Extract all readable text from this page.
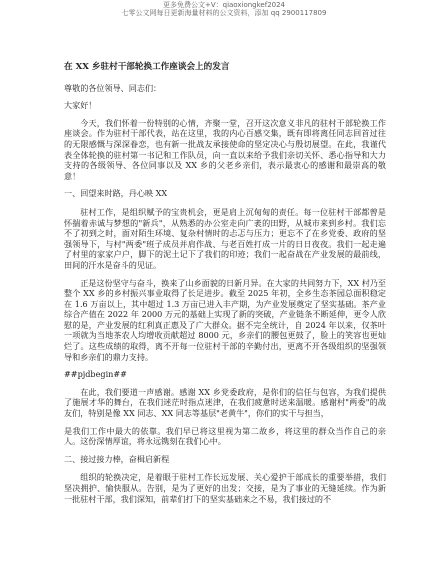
更多免费公文+V：qiaoxiongkef2024
七零公文网每日更新海量材料的公文资料，添加 qq 2900117809
在 XX 乡驻村干部轮换工作座谈会上的发言

尊敬的各位领导、同志们：

大家好！

今天，我们怀着一份特别的心情，齐聚一堂，召开这次意义非凡的驻村干部轮换工作座谈会。作为驻村干部代表，站在这里，我的内心百感交集，既有即将离任同志回首过往的无限感慨与深深眷恋，也有新一批战友承接使命的坚定决心与殷切展望。在此，我谨代表全体轮换的驻村第一书记和工作队员，向一直以来给予我们亲切关怀、悉心指导和大力支持的各级领导、各位同事以及 XX 乡的父老乡亲们，表示最衷心的感谢和最崇高的敬意！

一、回望来时路，丹心映 XX

驻村工作，是组织赋予的宝贵机会，更是肩上沉甸甸的责任。每一位驻村干部都曾是怀揣着赤诚与梦想的"新兵"，从熟悉的办公室走向广袤的田野，从城市来到乡村。我们忘不了初到之时，面对陌生环境、复杂村情时的忐忑与压力；更忘不了在乡党委、政府的坚强领导下，与村"两委"班子成员并肩作战、与老百姓打成一片的日日夜夜。我们一起走遍了村里的家家户户，脚下的泥土记下了我们的印迹；我们一起奋战在产业发展的最前线，田间的汗水是奋斗的见证。

正是这份坚守与奋斗，换来了山乡面貌的日新月异。在大家的共同努力下，XX 村乃至整个 XX 乡的乡村振兴事业取得了长足进步。截至 2025 年初，全乡生态茶园总面积稳定在 1.6 万亩以上，其中超过 1.3 万亩已进入丰产期，为产业发展奠定了坚实基础。茶产业综合产值在 2022 年 2000 万元的基础上实现了新的突破，产业链条不断延伸，更令人欣慰的是，产业发展的红利真正惠及了广大群众。据不完全统计，自 2024 年以来，仅茶叶一项就为当地茶农人均增收贡献超过 8000 元，乡亲们的腰包更鼓了，脸上的笑容也更灿烂了。这些成绩的取得，离不开每一位驻村干部的辛勤付出，更离不开各级组织的坚强领导和乡亲们的鼎力支持。

##pjdbegin##

在此，我们要道一声感谢。感谢 XX 乡党委政府，是你们的信任与包容，为我们提供了施展才华的舞台，在我们迷茫时指点迷津，在我们疲惫时送来温暖。感谢村"两委"的战友们，特别是像 XX 同志、XX 同志等基层"老黄牛"，你们的实干与担当，

是我们工作中最大的依靠。我们早已将这里视为第二故乡，将这里的群众当作自己的亲人。这份深情厚谊，将永远镌刻在我们心中。

二、接过接力棒，奋楫启新程

组织的轮换决定，是着眼于驻村工作长远发展、关心爱护干部成长的重要举措，我们坚决拥护、愉快服从。告别，是为了更好的出发；交接，是为了事业的无缝延续。作为新一批驻村干部，我们深知，前辈们打下的坚实基础来之不易，我们接过的不
